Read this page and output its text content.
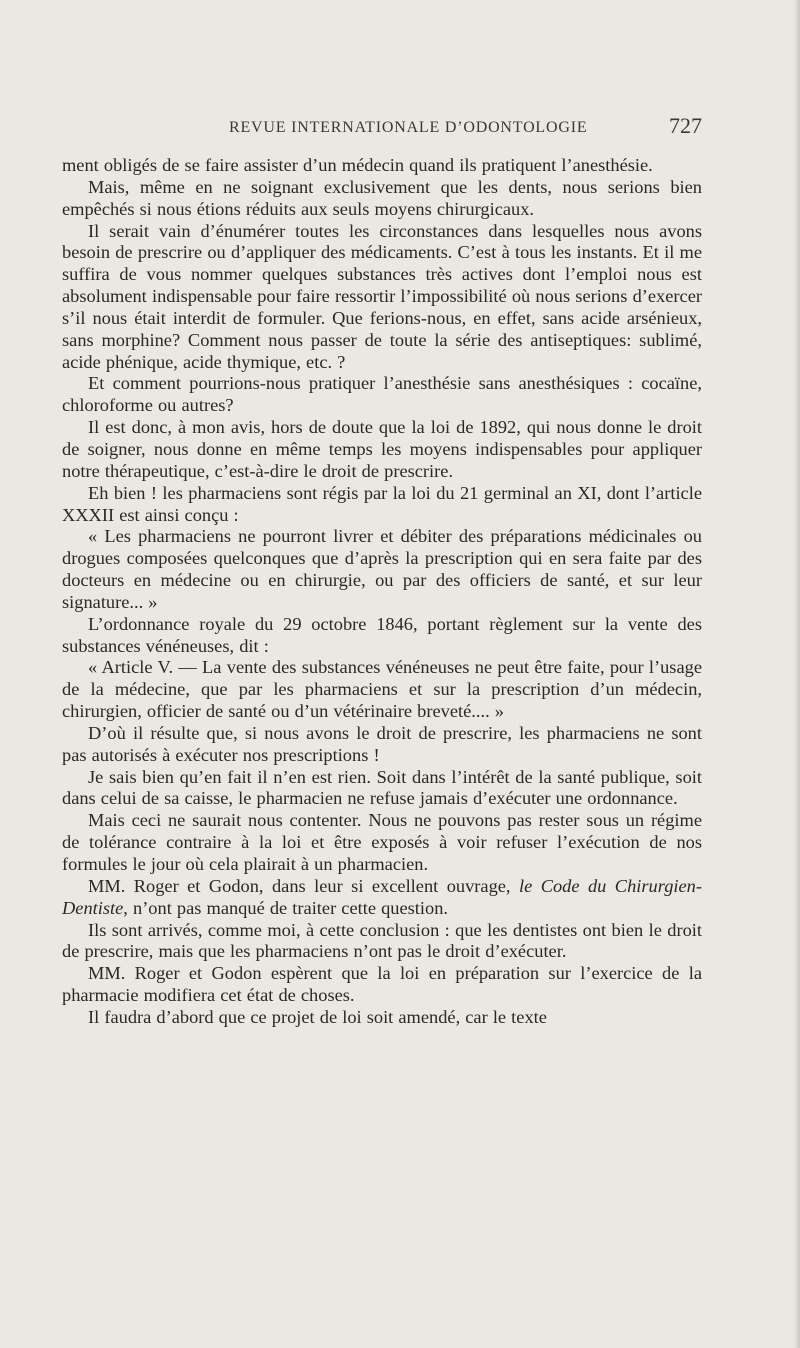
REVUE INTERNATIONALE D’ODONTOLOGIE	727

ment obligés de se faire assister d’un médecin quand ils pratiquent l’anesthésie.

Mais, même en ne soignant exclusivement que les dents, nous serions bien empêchés si nous étions réduits aux seuls moyens chirurgicaux.

Il serait vain d’énumérer toutes les circonstances dans lesquelles nous avons besoin de prescrire ou d’appliquer des médicaments. C’est à tous les instants. Et il me suffira de vous nommer quelques substances très actives dont l’emploi nous est absolument indispensable pour faire ressortir l’impossibilité où nous serions d’exercer s’il nous était interdit de formuler. Que ferions-nous, en effet, sans acide arsénieux, sans morphine? Comment nous passer de toute la série des antiseptiques: sublimé, acide phénique, acide thymique, etc. ?

Et comment pourrions-nous pratiquer l’anesthésie sans anesthésiques : cocaïne, chloroforme ou autres?

Il est donc, à mon avis, hors de doute que la loi de 1892, qui nous donne le droit de soigner, nous donne en même temps les moyens indispensables pour appliquer notre thérapeutique, c’est-à-dire le droit de prescrire.

Eh bien ! les pharmaciens sont régis par la loi du 21 germinal an XI, dont l’article XXXII est ainsi conçu :

« Les pharmaciens ne pourront livrer et débiter des préparations médicinales ou drogues composées quelconques que d’après la prescription qui en sera faite par des docteurs en médecine ou en chirurgie, ou par des officiers de santé, et sur leur signature... »

L’ordonnance royale du 29 octobre 1846, portant règlement sur la vente des substances vénéneuses, dit :

« Article V. — La vente des substances vénéneuses ne peut être faite, pour l’usage de la médecine, que par les pharmaciens et sur la prescription d’un médecin, chirurgien, officier de santé ou d’un vétérinaire breveté.... »

D’où il résulte que, si nous avons le droit de prescrire, les pharmaciens ne sont pas autorisés à exécuter nos prescriptions !

Je sais bien qu’en fait il n’en est rien. Soit dans l’intérêt de la santé publique, soit dans celui de sa caisse, le pharmacien ne refuse jamais d’exécuter une ordonnance.

Mais ceci ne saurait nous contenter. Nous ne pouvons pas rester sous un régime de tolérance contraire à la loi et être exposés à voir refuser l’exécution de nos formules le jour où cela plairait à un pharmacien.

MM. Roger et Godon, dans leur si excellent ouvrage, le Code du Chirurgien-Dentiste, n’ont pas manqué de traiter cette question.

Ils sont arrivés, comme moi, à cette conclusion : que les dentistes ont bien le droit de prescrire, mais que les pharmaciens n’ont pas le droit d’exécuter.

MM. Roger et Godon espèrent que la loi en préparation sur l’exercice de la pharmacie modifiera cet état de choses.

Il faudra d’abord que ce projet de loi soit amendé, car le texte
